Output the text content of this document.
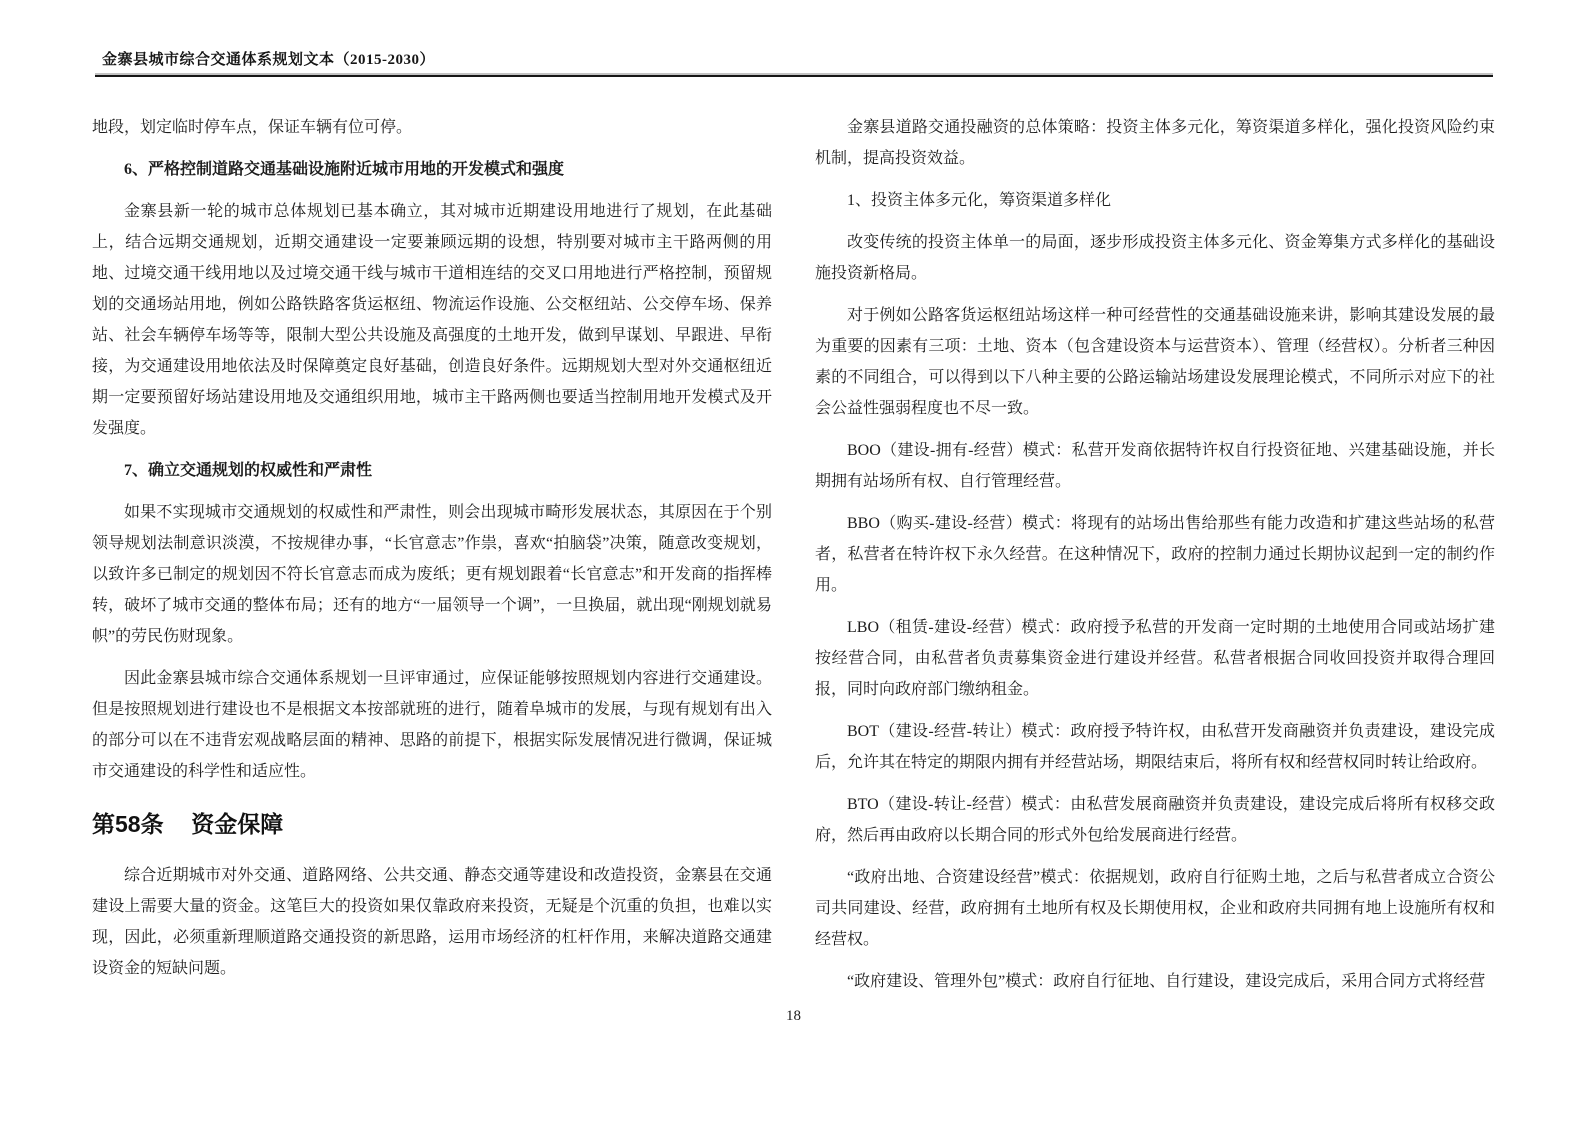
金寨县城市综合交通体系规划文本（2015-2030）

地段，划定临时停车点，保证车辆有位可停。

6、严格控制道路交通基础设施附近城市用地的开发模式和强度

金寨县新一轮的城市总体规划已基本确立，其对城市近期建设用地进行了规划，在此基础上，结合远期交通规划，近期交通建设一定要兼顾远期的设想，特别要对城市主干路两侧的用地、过境交通干线用地以及过境交通干线与城市干道相连结的交叉口用地进行严格控制，预留规划的交通场站用地，例如公路铁路客货运枢纽、物流运作设施、公交枢纽站、公交停车场、保养站、社会车辆停车场等等，限制大型公共设施及高强度的土地开发，做到早谋划、早跟进、早衔接，为交通建设用地依法及时保障奠定良好基础，创造良好条件。远期规划大型对外交通枢纽近期一定要预留好场站建设用地及交通组织用地，城市主干路两侧也要适当控制用地开发模式及开发强度。

7、确立交通规划的权威性和严肃性

如果不实现城市交通规划的权威性和严肃性，则会出现城市畸形发展状态，其原因在于个别领导规划法制意识淡漠，不按规律办事，“长官意志”作祟，喜欢“拍脑袋”决策，随意改变规划，以致许多已制定的规划因不符长官意志而成为废纸；更有规划跟着“长官意志”和开发商的指挥棒转，破坏了城市交通的整体布局；还有的地方“一届领导一个调”，一旦换届，就出现“刚规划就易帜”的劳民伤财现象。

因此金寨县城市综合交通体系规划一旦评审通过，应保证能够按照规划内容进行交通建设。但是按照规划进行建设也不是根据文本按部就班的进行，随着阜城市的发展，与现有规划有出入的部分可以在不违背宏观战略层面的精神、思路的前提下，根据实际发展情况进行微调，保证城市交通建设的科学性和适应性。

第58条 资金保障

综合近期城市对外交通、道路网络、公共交通、静态交通等建设和改造投资，金寨县在交通建设上需要大量的资金。这笔巨大的投资如果仅靠政府来投资，无疑是个沉重的负担，也难以实现，因此，必须重新理顺道路交通投资的新思路，运用市场经济的杠杆作用，来解决道路交通建设资金的短缺问题。

金寨县道路交通投融资的总体策略：投资主体多元化，筹资渠道多样化，强化投资风险约束机制，提高投资效益。

1、投资主体多元化，筹资渠道多样化

改变传统的投资主体单一的局面，逐步形成投资主体多元化、资金筹集方式多样化的基础设施投资新格局。

对于例如公路客货运枢纽站场这样一种可经营性的交通基础设施来讲，影响其建设发展的最为重要的因素有三项：土地、资本（包含建设资本与运营资本）、管理（经营权）。分析者三种因素的不同组合，可以得到以下八种主要的公路运输站场建设发展理论模式，不同所示对应下的社会公益性强弱程度也不尽一致。

BOO（建设-拥有-经营）模式：私营开发商依据特许权自行投资征地、兴建基础设施，并长期拥有站场所有权、自行管理经营。

BBO（购买-建设-经营）模式：将现有的站场出售给那些有能力改造和扩建这些站场的私营者，私营者在特许权下永久经营。在这种情况下，政府的控制力通过长期协议起到一定的制约作用。

LBO（租赁-建设-经营）模式：政府授予私营的开发商一定时期的土地使用合同或站场扩建按经营合同，由私营者负责募集资金进行建设并经营。私营者根据合同收回投资并取得合理回报，同时向政府部门缴纳租金。

BOT（建设-经营-转让）模式：政府授予特许权，由私营开发商融资并负责建设，建设完成后，允许其在特定的期限内拥有并经营站场，期限结束后，将所有权和经营权同时转让给政府。

BTO（建设-转让-经营）模式：由私营发展商融资并负责建设，建设完成后将所有权移交政府，然后再由政府以长期合同的形式外包给发展商进行经营。

“政府出地、合资建设经营”模式：依据规划，政府自行征购土地，之后与私营者成立合资公司共同建设、经营，政府拥有土地所有权及长期使用权，企业和政府共同拥有地上设施所有权和经营权。

“政府建设、管理外包”模式：政府自行征地、自行建设，建设完成后，采用合同方式将经营

18
